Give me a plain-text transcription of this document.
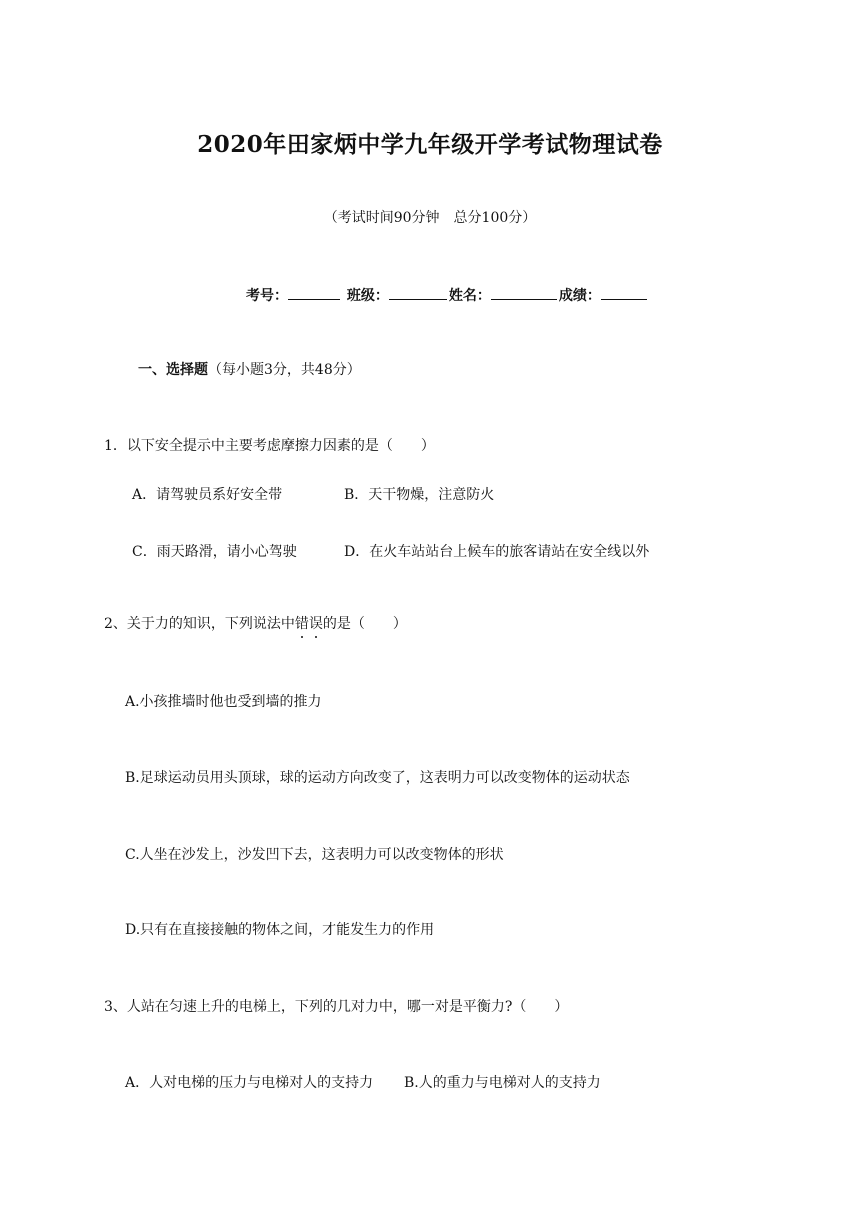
2020年田家炳中学九年级开学考试物理试卷
（考试时间90分钟　总分100分）
考号：	班级：	姓名：	成绩：
一、选择题（每小题3分，共48分）
1．以下安全提示中主要考虑摩擦力因素的是（　　）
A．请驾驶员系好安全带	B．天干物燥，注意防火
C．雨天路滑，请小心驾驶	D．在火车站站台上候车的旅客请站在安全线以外
2、关于力的知识，下列说法中错误的是（　　）
A.小孩推墙时他也受到墙的推力
B.足球运动员用头顶球，球的运动方向改变了，这表明力可以改变物体的运动状态
C.人坐在沙发上，沙发凹下去，这表明力可以改变物体的形状
D.只有在直接接触的物体之间，才能发生力的作用
3、人站在匀速上升的电梯上，下列的几对力中，哪一对是平衡力?（　　）
A．人对电梯的压力与电梯对人的支持力 B.人的重力与电梯对人的支持力
